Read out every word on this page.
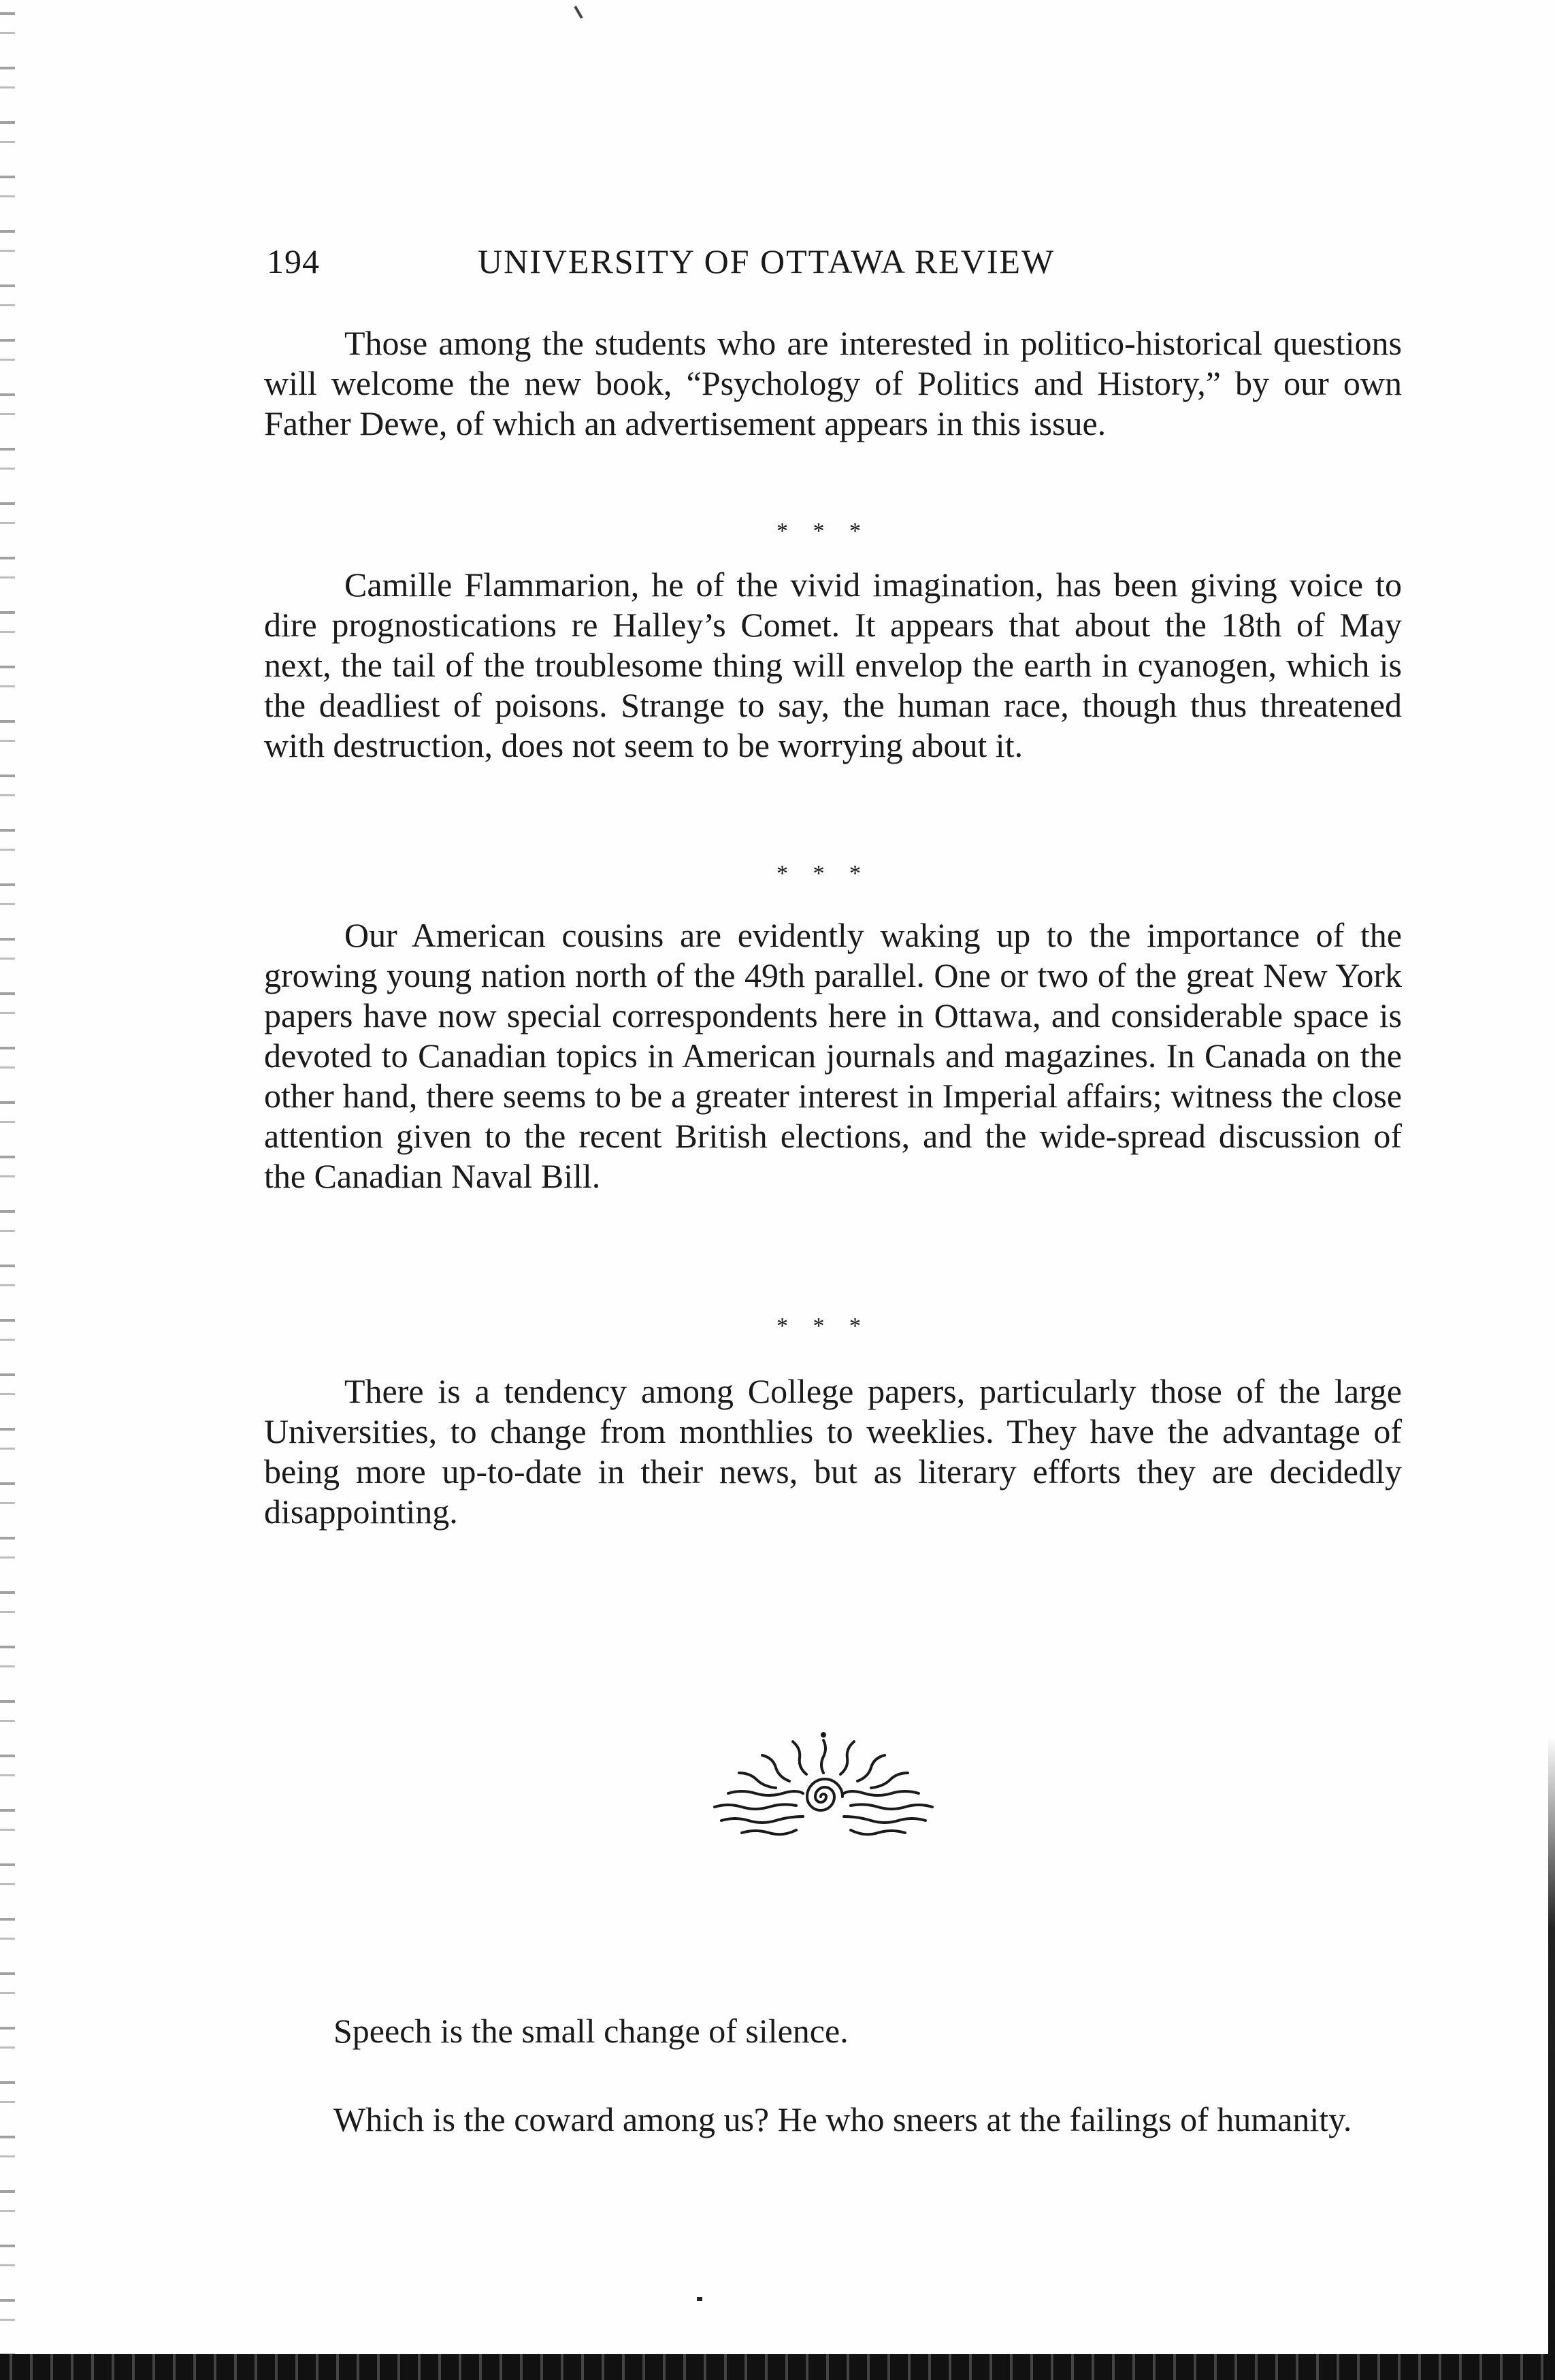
194	UNIVERSITY OF OTTAWA REVIEW

Those among the students who are interested in politico-historical questions will welcome the new book, “Psychology of Politics and History,” by our own Father Dewe, of which an advertisement appears in this issue.

* * *

Camille Flammarion, he of the vivid imagination, has been giving voice to dire prognostications re Halley’s Comet. It appears that about the 18th of May next, the tail of the troublesome thing will envelop the earth in cyanogen, which is the deadliest of poisons. Strange to say, the human race, though thus threatened with destruction, does not seem to be worrying about it.

* * *

Our American cousins are evidently waking up to the importance of the growing young nation north of the 49th parallel. One or two of the great New York papers have now special correspondents here in Ottawa, and considerable space is devoted to Canadian topics in American journals and magazines. In Canada on the other hand, there seems to be a greater interest in Imperial affairs; witness the close attention given to the recent British elections, and the wide-spread discussion of the Canadian Naval Bill.

* * *

There is a tendency among College papers, particularly those of the large Universities, to change from monthlies to weeklies. They have the advantage of being more up-to-date in their news, but as literary efforts they are decidedly disappointing.

Speech is the small change of silence.

Which is the coward among us? He who sneers at the failings of humanity.
